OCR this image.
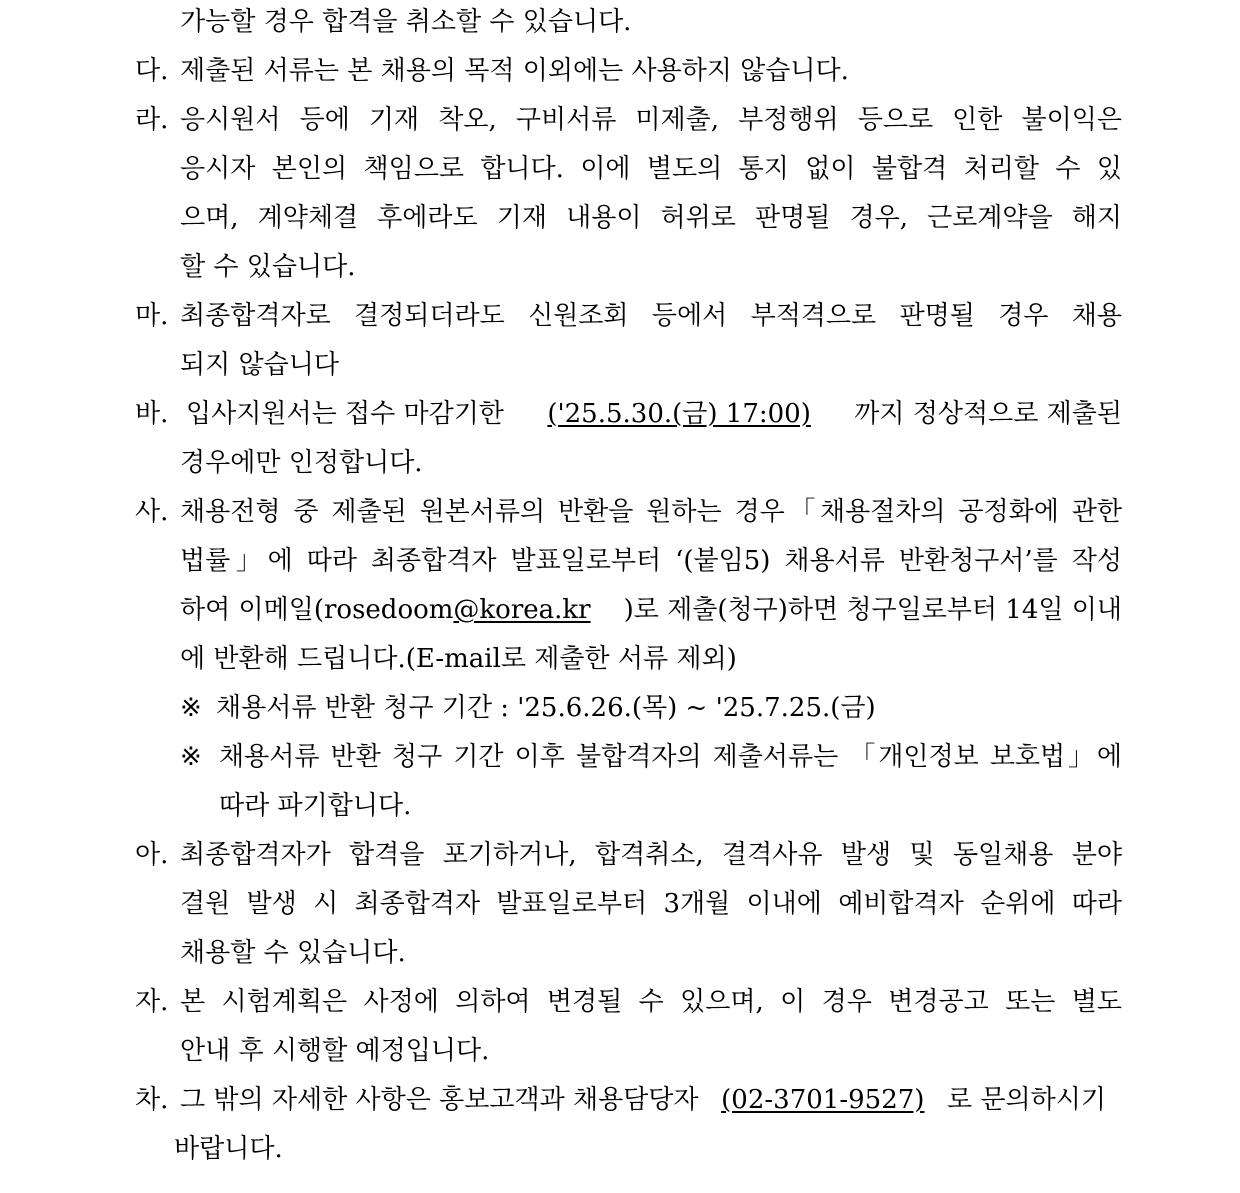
가능할 경우 합격을 취소할 수 있습니다.
다. 제출된 서류는 본 채용의 목적 이외에는 사용하지 않습니다.
라. 응시원서 등에 기재 착오, 구비서류 미제출, 부정행위 등으로 인한 불이익은
응시자 본인의 책임으로 합니다. 이에 별도의 통지 없이 불합격 처리할 수 있
으며, 계약체결 후에라도 기재 내용이 허위로 판명될 경우, 근로계약을 해지
할 수 있습니다.
마. 최종합격자로 결정되더라도 신원조회 등에서 부적격으로 판명될 경우 채용
되지 않습니다
바. 입사지원서는 접수 마감기한 ('25.5.30.(금) 17:00) 까지 정상적으로 제출된
경우에만 인정합니다.
사. 채용전형 중 제출된 원본서류의 반환을 원하는 경우「채용절차의 공정화에 관한
법률」에 따라 최종합격자 발표일로부터 ‘(붙임5) 채용서류 반환청구서’를 작성
하여 이메일(rosedoom@korea.kr )로 제출(청구)하면 청구일로부터 14일 이내
에 반환해 드립니다.(E-mail로 제출한 서류 제외)
※ 채용서류 반환 청구 기간 : '25.6.26.(목) ~ '25.7.25.(금)
※ 채용서류 반환 청구 기간 이후 불합격자의 제출서류는 「개인정보 보호법」에
따라 파기합니다.
아. 최종합격자가 합격을 포기하거나, 합격취소, 결격사유 발생 및 동일채용 분야
결원 발생 시 최종합격자 발표일로부터 3개월 이내에 예비합격자 순위에 따라
채용할 수 있습니다.
자. 본 시험계획은 사정에 의하여 변경될 수 있으며, 이 경우 변경공고 또는 별도
안내 후 시행할 예정입니다.
차. 그 밖의 자세한 사항은 홍보고객과 채용담당자 (02-3701-9527) 로 문의하시기
바랍니다.
